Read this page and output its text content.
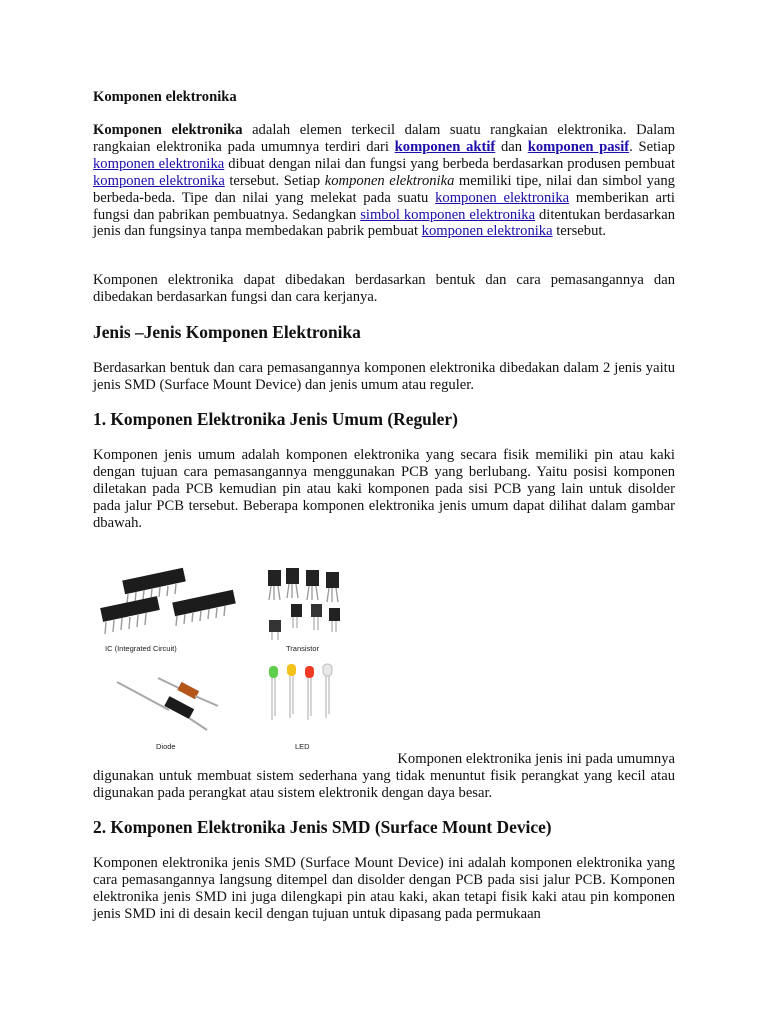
Komponen elektronika
Komponen elektronika adalah elemen terkecil dalam suatu rangkaian elektronika. Dalam rangkaian elektronika pada umumnya terdiri dari komponen aktif dan komponen pasif. Setiap komponen elektronika dibuat dengan nilai dan fungsi yang berbeda berdasarkan produsen pembuat komponen elektronika tersebut. Setiap komponen elektronika memiliki tipe, nilai dan simbol yang berbeda-beda. Tipe dan nilai yang melekat pada suatu komponen elektronika memberikan arti fungsi dan pabrikan pembuatnya. Sedangkan simbol komponen elektronika ditentukan berdasarkan jenis dan fungsinya tanpa membedakan pabrik pembuat komponen elektronika tersebut.
Komponen elektronika dapat dibedakan berdasarkan bentuk dan cara pemasangannya dan dibedakan berdasarkan fungsi dan cara kerjanya.
Jenis –Jenis Komponen Elektronika
Berdasarkan bentuk dan cara pemasangannya komponen elektronika dibedakan dalam 2 jenis yaitu jenis SMD (Surface Mount Device) dan jenis umum atau reguler.
1. Komponen Elektronika Jenis Umum (Reguler)
Komponen jenis umum adalah komponen elektronika yang secara fisik memiliki pin atau kaki dengan tujuan cara pemasangannya menggunakan PCB yang berlubang. Yaitu posisi komponen diletakan pada PCB kemudian pin atau kaki komponen pada sisi PCB yang lain untuk disolder pada jalur PCB tersebut. Beberapa komponen elektronika jenis umum dapat dilihat dalam gambar dbawah.
IC (Integrated Circuit)	Transistor
Diode	LED
Komponen elektronika jenis ini pada umumnya
digunakan untuk membuat sistem sederhana yang tidak menuntut fisik perangkat yang kecil atau digunakan pada perangkat atau sistem elektronik dengan daya besar.
2. Komponen Elektronika Jenis SMD (Surface Mount Device)
Komponen elektronika jenis SMD (Surface Mount Device) ini adalah komponen elektronika yang cara pemasangannya langsung ditempel dan disolder dengan PCB pada sisi jalur PCB. Komponen elektronika jenis SMD ini juga dilengkapi pin atau kaki, akan tetapi fisik kaki atau pin komponen jenis SMD ini di desain kecil dengan tujuan untuk dipasang pada permukaan
